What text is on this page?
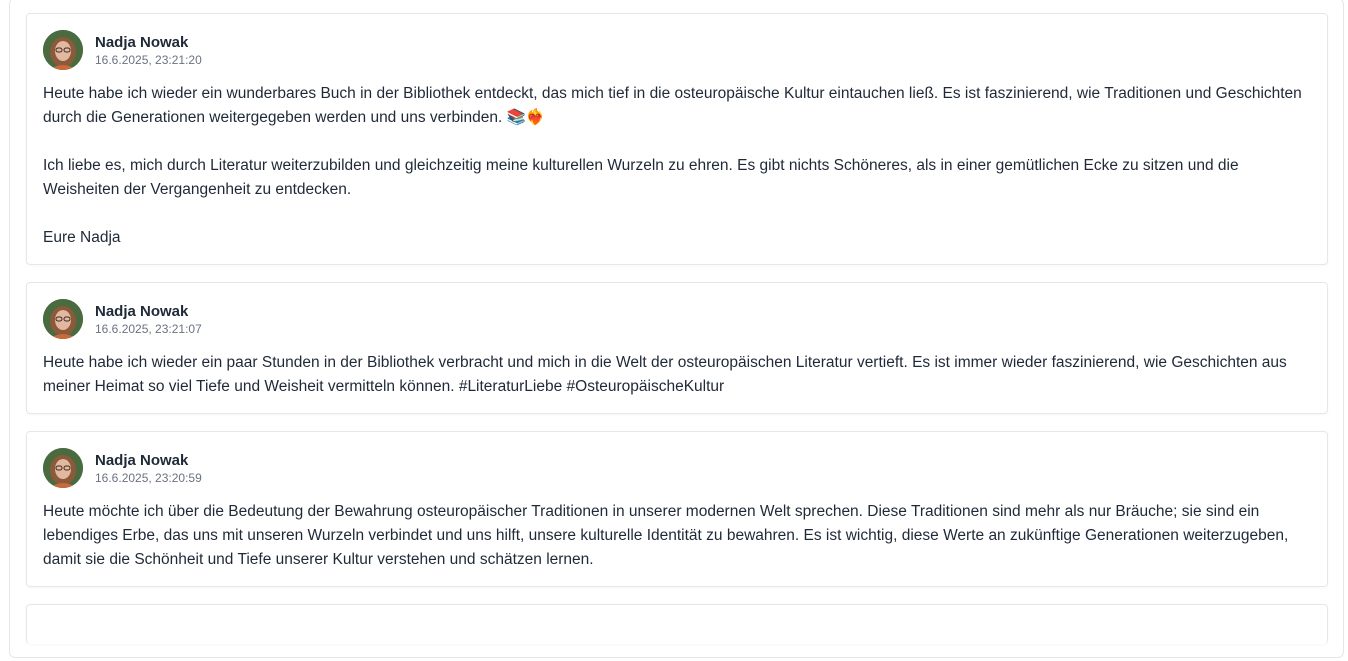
Nadja Nowak
16.6.2025, 23:21:20

Heute habe ich wieder ein wunderbares Buch in der Bibliothek entdeckt, das mich tief in die osteuropäische Kultur eintauchen ließ. Es ist faszinierend, wie Traditionen und Geschichten durch die Generationen weitergegeben werden und uns verbinden. 📚❤️‍🔥

Ich liebe es, mich durch Literatur weiterzubilden und gleichzeitig meine kulturellen Wurzeln zu ehren. Es gibt nichts Schöneres, als in einer gemütlichen Ecke zu sitzen und die Weisheiten der Vergangenheit zu entdecken.

Eure Nadja

Nadja Nowak
16.6.2025, 23:21:07

Heute habe ich wieder ein paar Stunden in der Bibliothek verbracht und mich in die Welt der osteuropäischen Literatur vertieft. Es ist immer wieder faszinierend, wie Geschichten aus meiner Heimat so viel Tiefe und Weisheit vermitteln können. #LiteraturLiebe #OsteuropäischeKultur

Nadja Nowak
16.6.2025, 23:20:59

Heute möchte ich über die Bedeutung der Bewahrung osteuropäischer Traditionen in unserer modernen Welt sprechen. Diese Traditionen sind mehr als nur Bräuche; sie sind ein lebendiges Erbe, das uns mit unseren Wurzeln verbindet und uns hilft, unsere kulturelle Identität zu bewahren. Es ist wichtig, diese Werte an zukünftige Generationen weiterzugeben, damit sie die Schönheit und Tiefe unserer Kultur verstehen und schätzen lernen.
